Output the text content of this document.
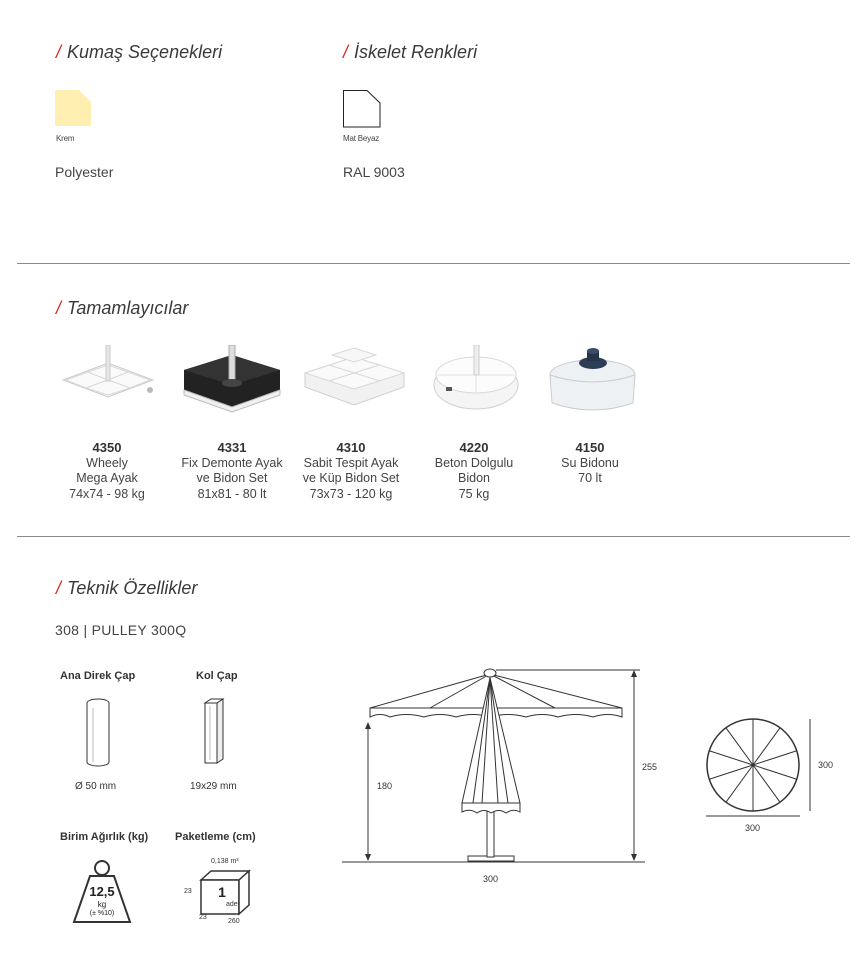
/ Kumaş Seçenekleri
Krem
Polyester
/ İskelet Renkleri
Mat Beyaz
RAL 9003
/ Tamamlayıcılar
4350
Wheely
Mega Ayak
74x74 - 98 kg
4331
Fix Demonte Ayak
ve Bidon Set
81x81 - 80 lt
4310
Sabit Tespit Ayak
ve Küp Bidon Set
73x73 - 120 kg
4220
Beton Dolgulu
Bidon
75 kg
4150
Su Bidonu
70 lt
/ Teknik Özellikler
308 | PULLEY 300Q
Ana Direk Çap
Ø 50 mm
Kol Çap
19x29 mm
Birim Ağırlık (kg)
12,5
kg
(± %10)
Paketleme (cm)
0,138 m³
1
adet
23
23
260
180
255
300
300
300
